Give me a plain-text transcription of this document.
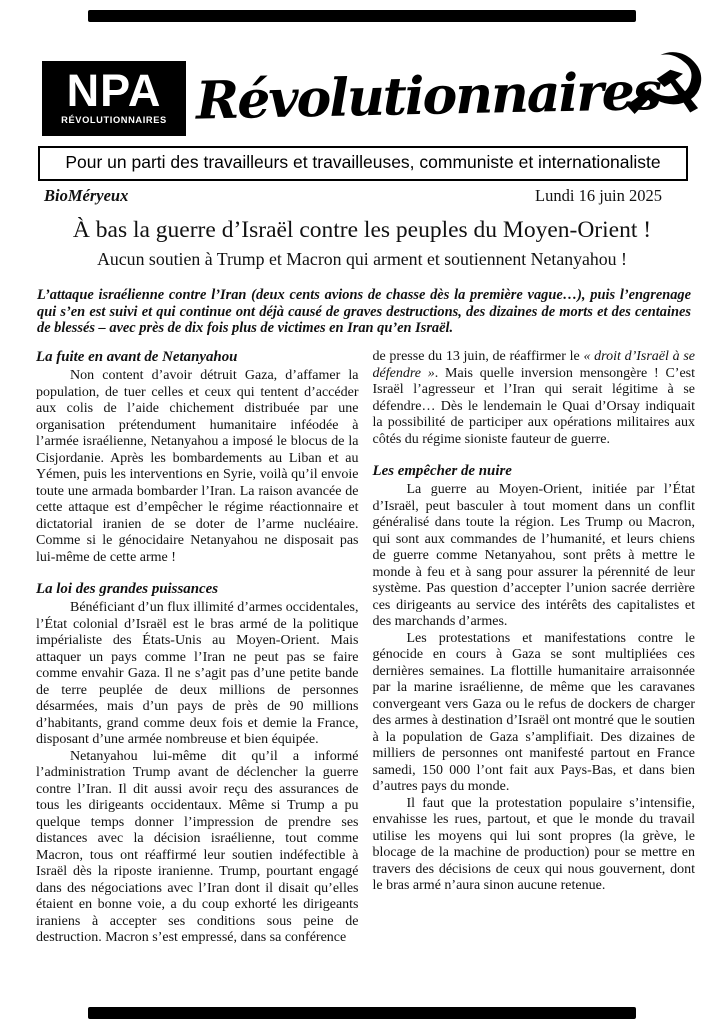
NPA
RÉVOLUTIONNAIRES Révolutionnaires
☭
Pour un parti des travailleurs et travailleuses, communiste et internationaliste
BioMéryeux	Lundi 16 juin 2025
À bas la guerre d’Israël contre les peuples du Moyen-Orient !
Aucun soutien à Trump et Macron qui arment et soutiennent Netanyahou !

L’attaque israélienne contre l’Iran (deux cents avions de chasse dès la première vague…), puis l’engrenage qui s’en est suivi et qui continue ont déjà causé de graves destructions, des dizaines de morts et des centaines de blessés – avec près de dix fois plus de victimes en Iran qu’en Israël.

La fuite en avant de Netanyahou

Non content d’avoir détruit Gaza, d’affamer la population, de tuer celles et ceux qui tentent d’accéder aux colis de l’aide chichement distribuée par une organisation prétendument humanitaire inféodée à l’armée israélienne, Netanyahou a imposé le blocus de la Cisjordanie. Après les bombardements au Liban et au Yémen, puis les interventions en Syrie, voilà qu’il envoie toute une armada bombarder l’Iran. La raison avancée de cette attaque est d’empêcher le régime réactionnaire et dictatorial iranien de se doter de l’arme nucléaire. Comme si le génocidaire Netanyahou ne disposait pas lui-même de cette arme !

La loi des grandes puissances

Bénéficiant d’un flux illimité d’armes occidentales, l’État colonial d’Israël est le bras armé de la politique impérialiste des États-Unis au Moyen-Orient. Mais attaquer un pays comme l’Iran ne peut pas se faire comme envahir Gaza. Il ne s’agit pas d’une petite bande de terre peuplée de deux millions de personnes désarmées, mais d’un pays de près de 90 millions d’habitants, grand comme deux fois et demie la France, disposant d’une armée nombreuse et bien équipée.

Netanyahou lui-même dit qu’il a informé l’administration Trump avant de déclencher la guerre contre l’Iran. Il dit aussi avoir reçu des assurances de tous les dirigeants occidentaux. Même si Trump a pu quelque temps donner l’impression de prendre ses distances avec la décision israélienne, tout comme Macron, tous ont réaffirmé leur soutien indéfectible à Israël dès la riposte iranienne. Trump, pourtant engagé dans des négociations avec l’Iran dont il disait qu’elles étaient en bonne voie, a du coup exhorté les dirigeants iraniens à accepter ses conditions sous peine de destruction. Macron s’est empressé, dans sa conférence

de presse du 13 juin, de réaffirmer le « droit d’Israël à se défendre ». Mais quelle inversion mensongère ! C’est Israël l’agresseur et l’Iran qui serait légitime à se défendre… Dès le lendemain le Quai d’Orsay indiquait la possibilité de participer aux opérations militaires aux côtés du régime sioniste fauteur de guerre.

Les empêcher de nuire

La guerre au Moyen-Orient, initiée par l’État d’Israël, peut basculer à tout moment dans un conflit généralisé dans toute la région. Les Trump ou Macron, qui sont aux commandes de l’humanité, et leurs chiens de guerre comme Netanyahou, sont prêts à mettre le monde à feu et à sang pour assurer la pérennité de leur système. Pas question d’accepter l’union sacrée derrière ces dirigeants au service des intérêts des capitalistes et des marchands d’armes.

Les protestations et manifestations contre le génocide en cours à Gaza se sont multipliées ces dernières semaines. La flottille humanitaire arraisonnée par la marine israélienne, de même que les caravanes convergeant vers Gaza ou le refus de dockers de charger des armes à destination d’Israël ont montré que le soutien à la population de Gaza s’amplifiait. Des dizaines de milliers de personnes ont manifesté partout en France samedi, 150 000 l’ont fait aux Pays-Bas, et dans bien d’autres pays du monde.

Il faut que la protestation populaire s’intensifie, envahisse les rues, partout, et que le monde du travail utilise les moyens qui lui sont propres (la grève, le blocage de la machine de production) pour se mettre en travers des décisions de ceux qui nous gouvernent, dont le bras armé n’aura sinon aucune retenue.
